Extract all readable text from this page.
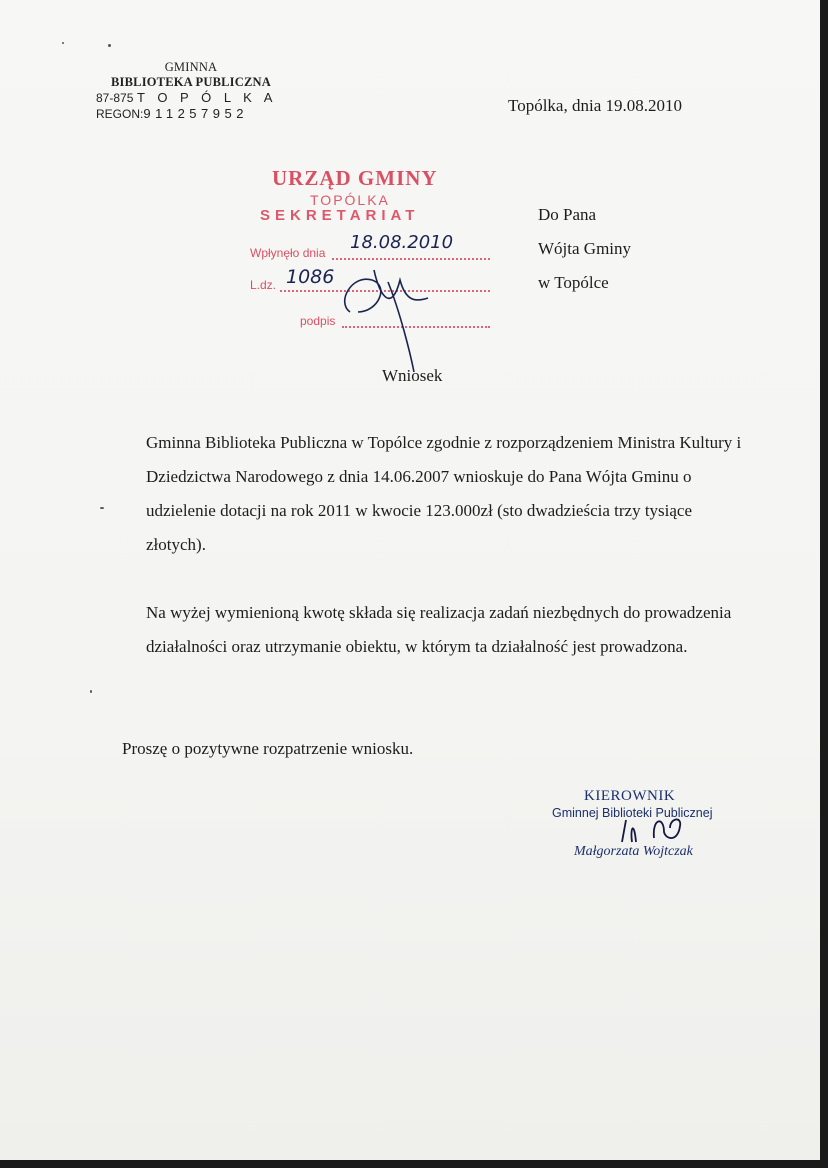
GMINNA
BIBLIOTEKA PUBLICZNA
87-875 T O P Ó L K A
REGON:911257952	Topólka, dnia 19.08.2010
URZĄD GMINY
TOPÓLKA
SEKRETARIAT
Wpłynęło dnia 18.08.2010
L.dz. 1086
podpis
Do Pana
Wójta Gminy
w Topólce
Wniosek
Gminna Biblioteka Publiczna w Topólce zgodnie z rozporządzeniem Ministra Kultury i Dziedzictwa Narodowego z dnia 14.06.2007 wnioskuje do Pana Wójta Gminu o udzielenie dotacji na rok 2011 w kwocie 123.000zł (sto dwadzieścia trzy tysiące złotych).
Na wyżej wymienioną kwotę składa się realizacja zadań niezbędnych do prowadzenia działalności oraz utrzymanie obiektu, w którym ta działalność jest prowadzona.
Proszę o pozytywne rozpatrzenie wniosku.
KIEROWNIK
Gminnej Biblioteki Publicznej
Małgorzata Wojtczak
